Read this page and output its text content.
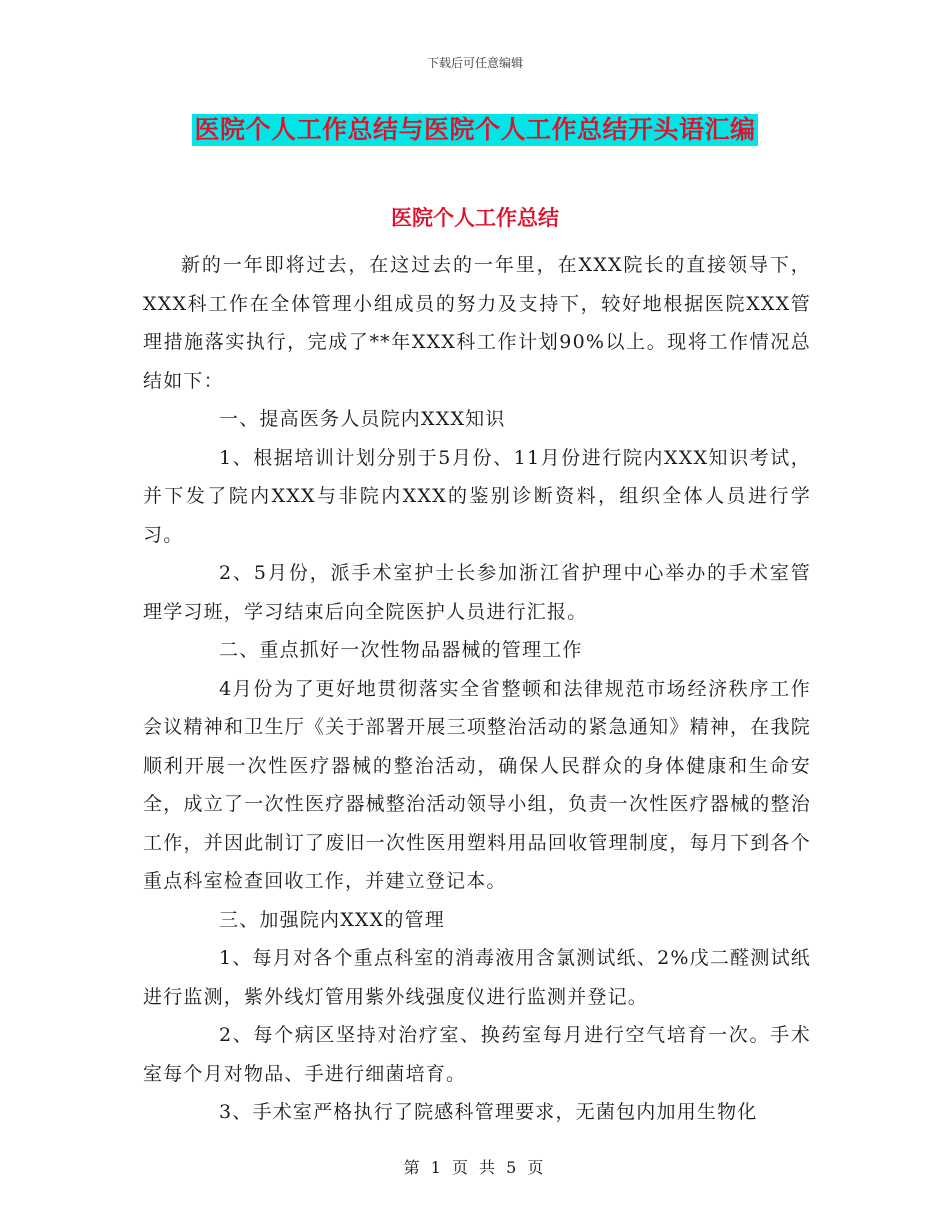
下载后可任意编辑
医院个人工作总结与医院个人工作总结开头语汇编
医院个人工作总结

新的一年即将过去，在这过去的一年里，在XXX院长的直接领导下，XXX科工作在全体管理小组成员的努力及支持下，较好地根据医院XXX管理措施落实执行，完成了**年XXX科工作计划90%以上。现将工作情况总结如下：

一、提高医务人员院内XXX知识

1、根据培训计划分别于5月份、11月份进行院内XXX知识考试，并下发了院内XXX与非院内XXX的鉴别诊断资料，组织全体人员进行学习。

2、5月份，派手术室护士长参加浙江省护理中心举办的手术室管理学习班，学习结束后向全院医护人员进行汇报。

二、重点抓好一次性物品器械的管理工作

4月份为了更好地贯彻落实全省整顿和法律规范市场经济秩序工作会议精神和卫生厅《关于部署开展三项整治活动的紧急通知》精神，在我院顺利开展一次性医疗器械的整治活动，确保人民群众的身体健康和生命安全，成立了一次性医疗器械整治活动领导小组，负责一次性医疗器械的整治工作，并因此制订了废旧一次性医用塑料用品回收管理制度，每月下到各个重点科室检查回收工作，并建立登记本。

三、加强院内XXX的管理

1、每月对各个重点科室的消毒液用含氯测试纸、2%戊二醛测试纸进行监测，紫外线灯管用紫外线强度仪进行监测并登记。

2、每个病区坚持对治疗室、换药室每月进行空气培育一次。手术室每个月对物品、手进行细菌培育。

3、手术室严格执行了院感科管理要求，无菌包内加用生物化

第 1 页 共 5 页
